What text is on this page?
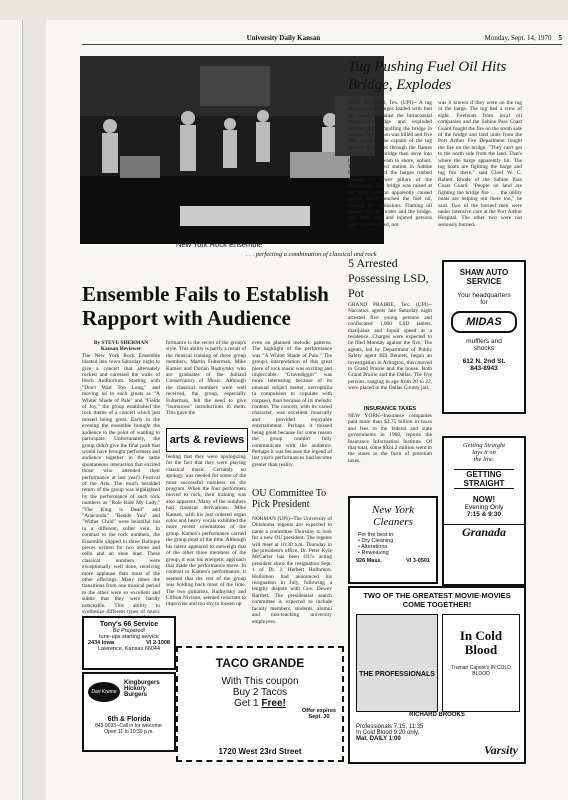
University Daily Kansan	Monday, Sept. 14, 1970 5
New York Rock Ensemble
. . . perfecting a combination of classical and rock
Ensemble Fails to Establish Rapport with Audience
By STEVE SHERMAN
Kansan Reviewer
The New York Rock Ensemble blasted into town Saturday night to give a concert that alternately rocked and caressed the walls of Hoch Auditorium. Starting with "Don't Wait Too Long," and moving on to such greats as "A Whiter Shade of Pale" and "Fields of Joy," the group established the rock theme of a concert which just missed being great. Early in the evening the ensemble brought the audience to the point of wanting to participate. Unfortunately, the group didn't give the final push that would have brought performers and audience together in the same spontaneous interaction that excited those who attended their performance at last year's Festival of the Arts. The much heralded return of the group was highlighted by the performance of such rock numbers as "Role Ride My Lady," "The King is Dead" and "Anaconda." "Beside You" and "Wither Child" were beautiful but in a different, softer vein. In contrast to the rock numbers, the Ensemble slipped in three Baroque pieces written for two oboes and cello and an oboe duet. These classical numbers were exceptionally well done, receiving more applause than most of the other offerings. Many times the transitions from one musical period to the other were so excellent and subtle that they were hardly noticeable. This ability to synthesize different types of music
formance is the secret of the group's style. This ability is partly a result of the musical training of three group members, Martin Fulterman, Mike Kamen and Dorian Rudnytsky who are graduates of the Julliard Conservatory of Music. Although the classical numbers were well received, the group, especially Fulterman, felt the need to give "humorous" introductions to them. This gave the
arts & reviews
feeling that they were apologizing for the fact that they were playing classical music. Certainly no apology was needed for some of the most successful numbers on the program. When the four performers moved to rock, their training was also apparent. Many of the numbers had classical derivations. Mike Kamen, with his just ordered organ solos and heavy vocals exhibited the more recent orientations of the group. Kamen's performance carried the group most of the time. Although his talent appeared to outweigh that of the other three members of the group, it was his energetic approach that made the performance move. In contrast to Kamen's performance, it seemed that the rest of the group was holding back most of the time. The two guitarists, Rudnytsky and Clifton Nivison, seemed reluctant to improvise and too shy to loosen up
even on planned melodic patterns. The highlight of the performance was "A Whiter Shade of Pale." The group's interpretation of this great piece of rock music was exciting and impeccable. "Gravediggin'" was more interesting because of its unusual subject matter, necrophilia (a compulsion to copulate with corpses), than because of its melodic content. The concert, with its varied character, was excellent musically and provided enjoyable entertainment. Perhaps it missed being great because for some reason the group couldn't fully communicate with the audience. Perhaps it was because the legend of last year's performances had become greater than reality.
OU Committee To Pick President
NORMAN (UPI)--The University of Oklahoma regents are expected to name a committee Thursday to look for a new OU president. The regents will meet at 10:30 a.m. Thursday in the president's office. Dr. Peter Kyle McCarter has been OU's acting president since the resignation Sept. 1 of Dr. J. Herbert Hollomon. Hollomon had announced his resignation in July, following a lengthy dispute with Gov. Dewey Bartlett. The presidential search committee is expected to include faculty members, students, alumni and non-teaching university employees.
Tug Pushing Fuel Oil Hits Bridge, Explodes
PORT ARTHUR, Tex. (UPI)-- A tug pushing three barges loaded with fuel oil bounced against the Intracoastal Waterway Bridge and exploded Sunday night, engulfing the bridge in flames. One person was killed and five were injured. The captain of the tug pushed the barges through the flames away from the bridge then dove into the water. He swam to shore, unhurt. The Coast Guard station in Sabine Pass said one of the barges rubbed against the lower pillars of the drawbridge. The bridge was raised at the time. Friction apparently caused sparks which touched the fuel oil, causing the explosions. Flaming oil spread over the water and the bridge. The dead man and injured persons were not identified, nor
was it known if they were on the tug or the barge. The tug had a crew of eight. Fireboats from local oil companies and the Sabine Pass Coast Guard fought the fire on the south side of the bridge and land units from the Port Arthur Fire Department fought the fire on the bridge. "They can't get to the north side from the land. That's where the barge apparently hit. The tug boats are fighting the barge and tug fire there," said Chief W. C. Robert Rhode of the Sabine Pass Coast Guard. "People on land are fighting the bridge fire . . . the utility boats are helping out there too," he said. Two of the burned men were under intensive care at the Port Arthur Hospital. The other two were not seriously burned.
5 Arrested Possessing LSD, Pot
GRAND PRAIRIE, Tex. (UPI)--Narcotics agents late Saturday night arrested five young persons and confiscated 1,000 LSD tablets, marijuana and liquid speed at a residence. Charges were expected to be filed Monday against the five. The agents, led by Department of Public Safety agent Bill Bennett, began an investigation in Arlington, then moved to Grand Prairie and the house. Both Grand Prairie and the Dallas. The five persons, ranging in age from 20 to 22, were placed in the Dallas County jail.
INSURANCE TAXES
NEW YORK--Insurance companies paid more than $2.75 billion in taxes and fees to the federal and state governments in 1968, reports the Insurance Information Institute. Of that total, some $924.2 million went to the states in the form of premium taxes.
SHAW AUTO
SERVICE
Your headquarters
for
MIDAS
mufflers and
shocks
612 N. 2nd St.
843-8943
New York
Cleaners
For the best in:
• Dry Cleaning
• Alterations
• Reweaving
926 Mass.	VI 3-0501
Getting Straight
lays it on
the line.
GETTING STRAIGHT
NOW!
Evening Only
7:15 & 9:30
Granada
Tony's 66 Service
Be Prepared!
tune-ups starting service
2434 Iowa	VI 2-1008
Lawrence, Kansas 66044
Dari Kreme
Kingburgers
Hickory
Burgers
6th & Florida
843-9033--Call in for welcome.
Open 11 to 10:30 p.m.
TACO GRANDE
With This coupon
Buy 2 Tacos
Get 1 Free!
Offer expires Sept. 30
1720 West 23rd Street
TWO OF THE GREATEST MOVIE-MOVIES COME TOGETHER!
THE PROFESSIONALS
In Cold Blood
Truman Capote's IN COLD BLOOD
RICHARD BROOKS
Professionals 7:15, 11:35
In Cold Blood 9:20 only.
Mat. DAILY 1:00
Varsity
